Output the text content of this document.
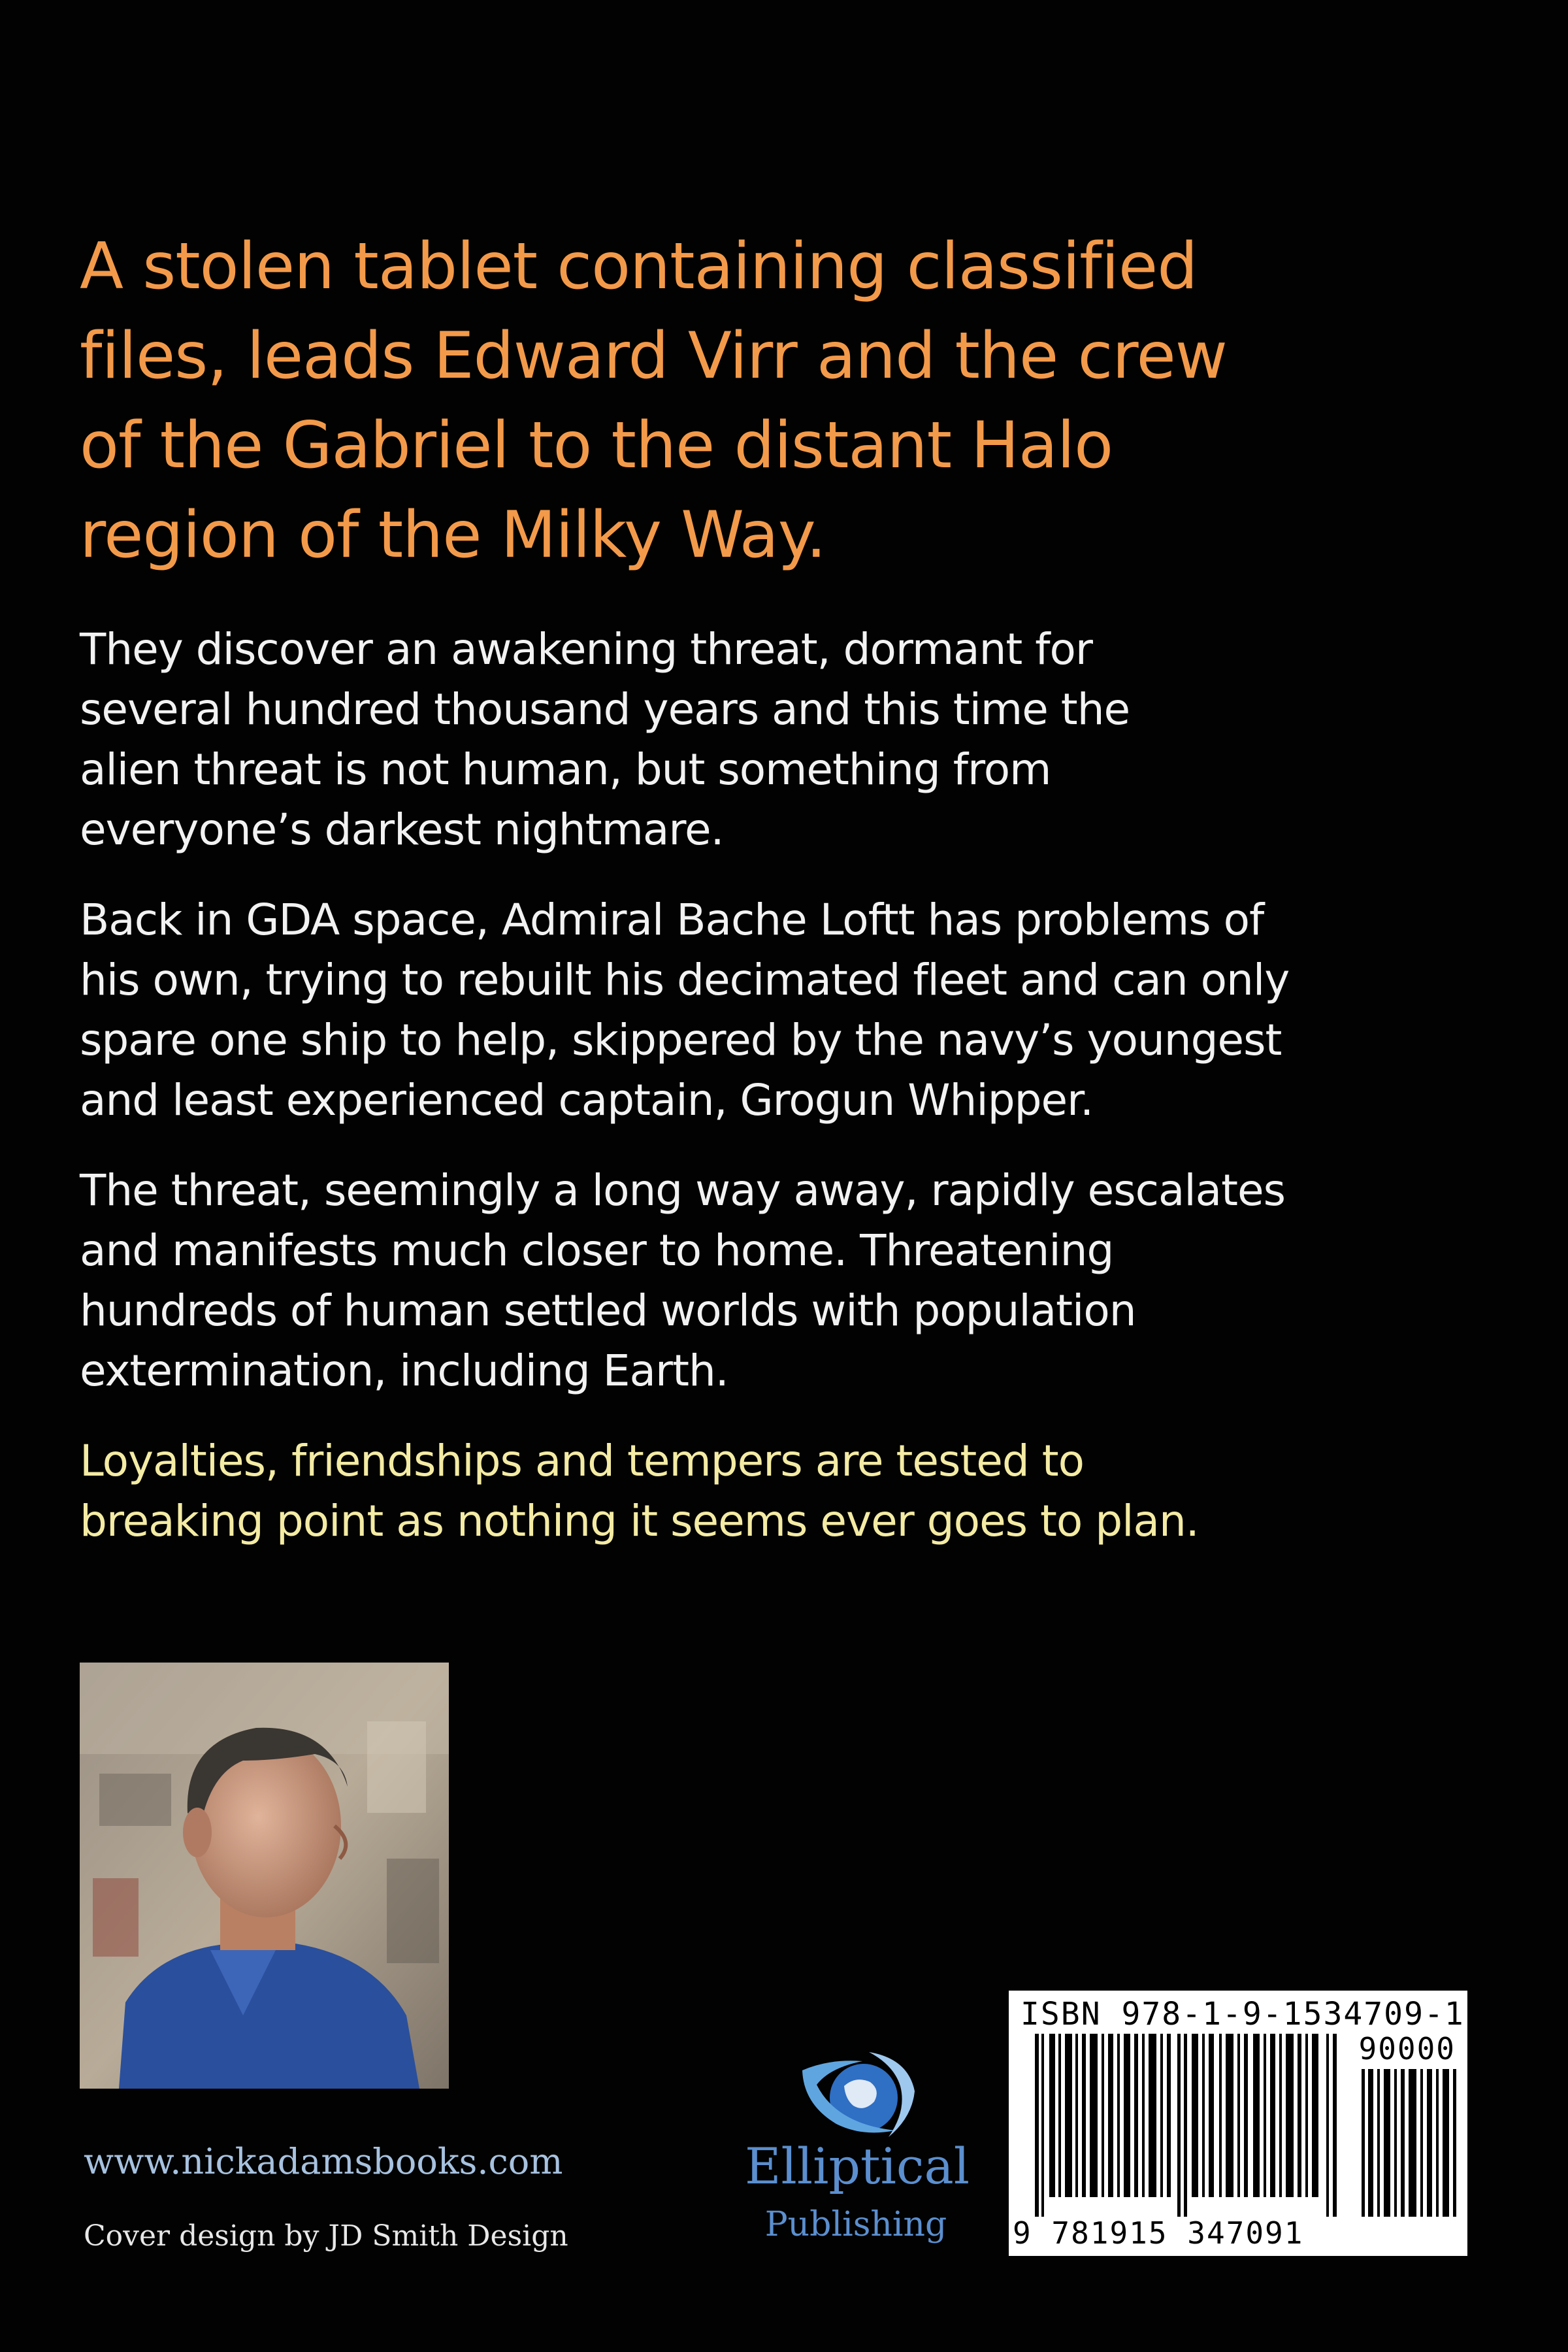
A stolen tablet containing classified
files, leads Edward Virr and the crew
of the Gabriel to the distant Halo
region of the Milky Way.
They discover an awakening threat, dormant for
several hundred thousand years and this time the
alien threat is not human, but something from
everyone’s darkest nightmare.
Back in GDA space, Admiral Bache Loftt has problems of
his own, trying to rebuilt his decimated fleet and can only
spare one ship to help, skippered by the navy’s youngest
and least experienced captain, Grogun Whipper.
The threat, seemingly a long way away, rapidly escalates
and manifests much closer to home. Threatening
hundreds of human settled worlds with population
extermination, including Earth.
Loyalties, friendships and tempers are tested to
breaking point as nothing it seems ever goes to plan.
www.nickadamsbooks.com
Cover design by JD Smith Design
Elliptical
Publishing
ISBN 978-1-9-1534709-1
90000
9 781915 347091
